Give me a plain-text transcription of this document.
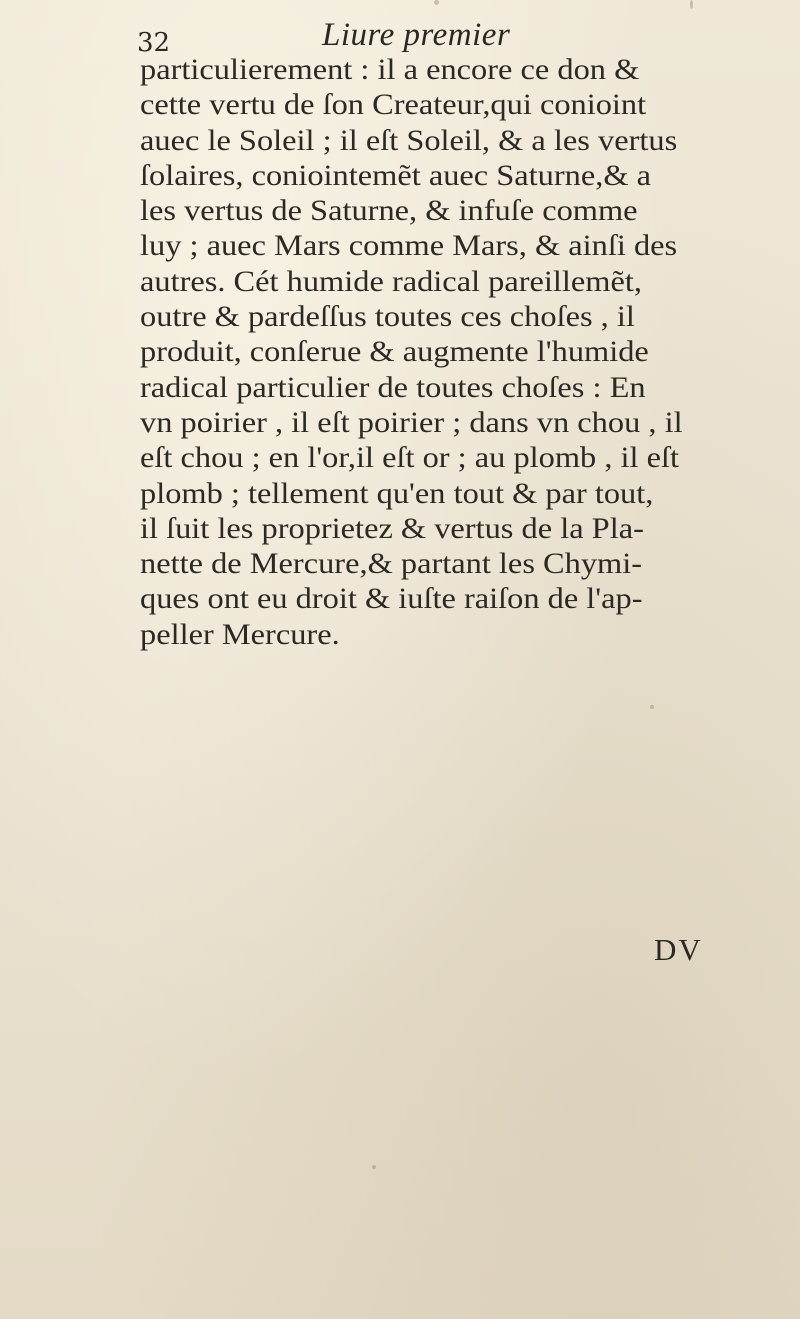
32	Liure premier
particulierement : il a encore ce don &
cette vertu de ſon Createur,qui conioint
auec le Soleil ; il eſt Soleil, & a les vertus
ſolaires, coniointemẽt auec Saturne,& a
les vertus de Saturne, & infuſe comme
luy ; auec Mars comme Mars, & ainſi des
autres. Cét humide radical pareillemẽt,
outre & pardeſſus toutes ces choſes , il
produit, conſerue & augmente l'humide
radical particulier de toutes choſes : En
vn poirier , il eſt poirier ; dans vn chou , il
eſt chou ; en l'or,il eſt or ; au plomb , il eſt
plomb ; tellement qu'en tout & par tout,
il ſuit les proprietez & vertus de la Pla-
nette de Mercure,& partant les Chymi-
ques ont eu droit & iuſte raiſon de l'ap-
peller Mercure.
DV
